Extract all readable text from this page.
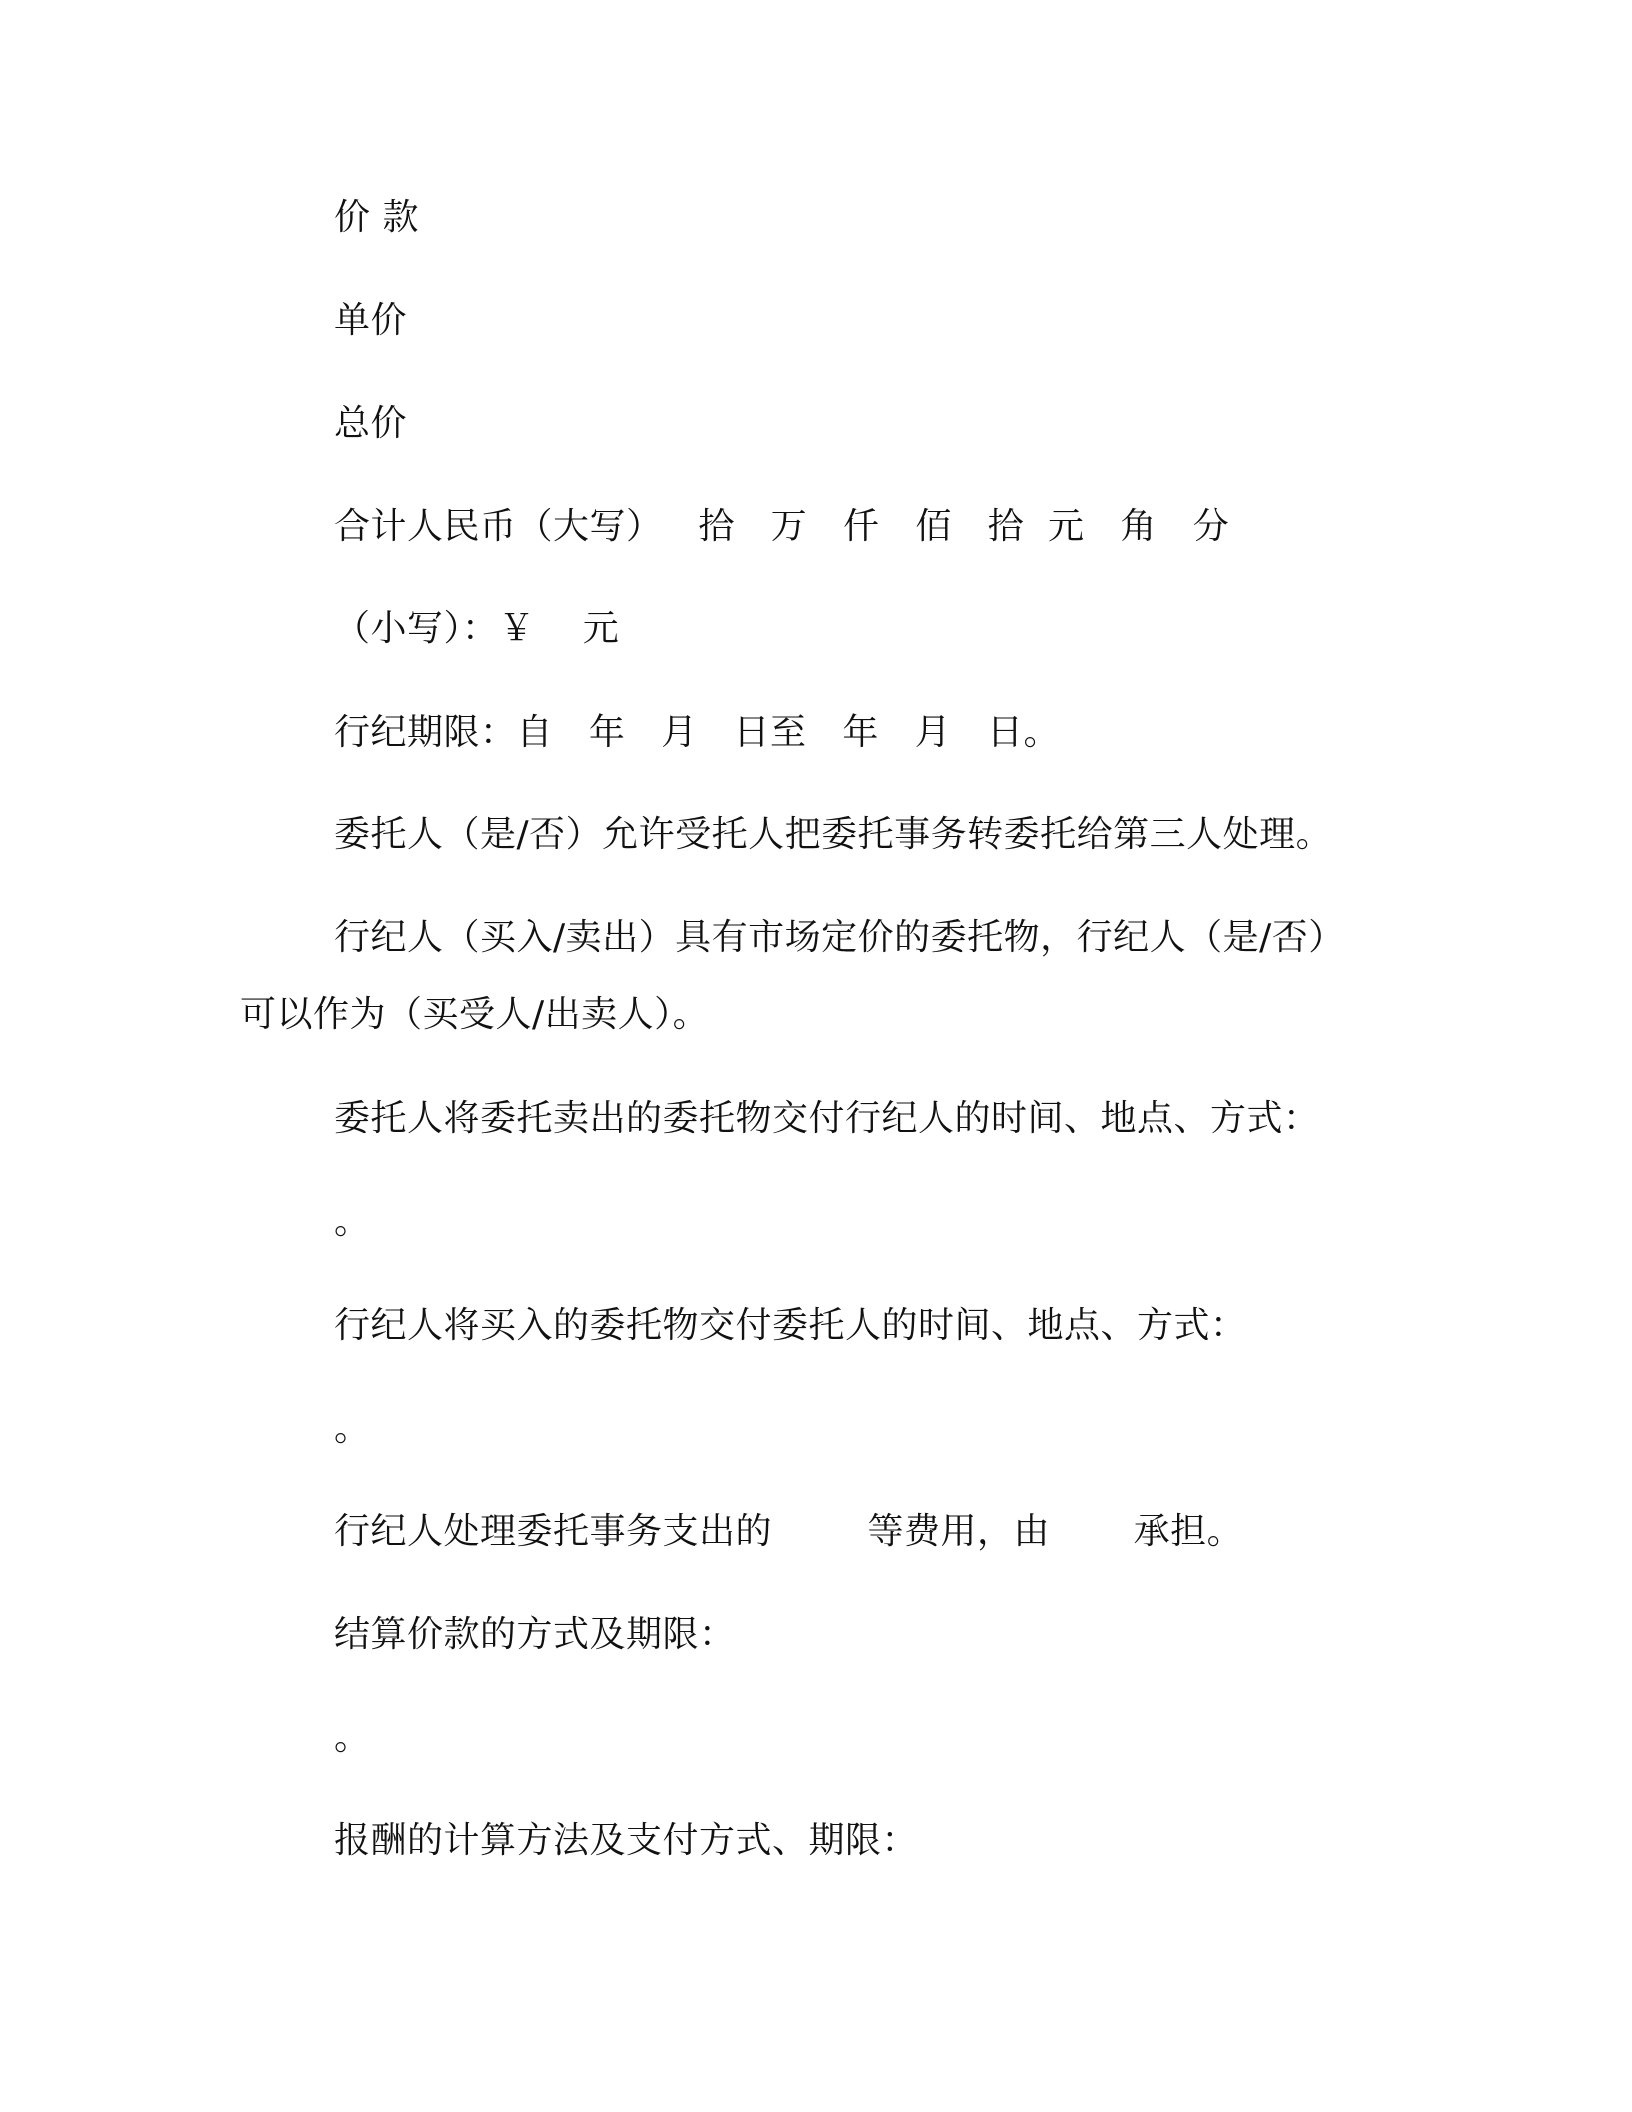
价 款
单价
总价
合计人民币（大写）   拾   万   仟   佰   拾  元   角   分
（小写）：￥    元
行纪期限：自   年   月   日至   年   月   日。
委托人（是/否）允许受托人把委托事务转委托给第三人处理。
行纪人（买入/卖出）具有市场定价的委托物，行纪人（是/否）
可以作为（买受人/出卖人）。
委托人将委托卖出的委托物交付行纪人的时间、地点、方式：
。
行纪人将买入的委托物交付委托人的时间、地点、方式：
。
行纪人处理委托事务支出的        等费用，由       承担。
结算价款的方式及期限：
。
报酬的计算方法及支付方式、期限：
